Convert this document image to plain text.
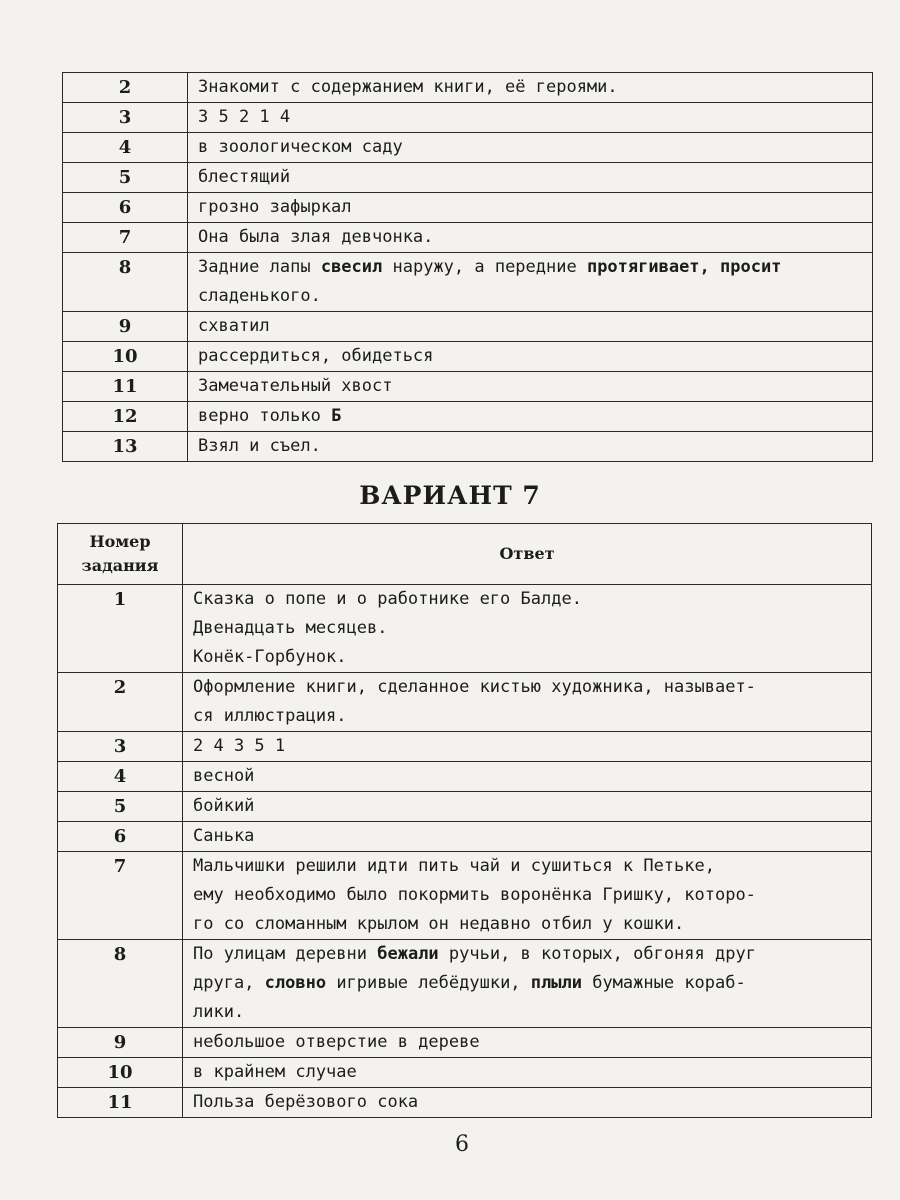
2	Знакомит с содержанием книги, её героями.

3	3 5 2 1 4

4	в зоологическом саду

5	блестящий

6	грозно зафыркал

7	Она была злая девчонка.

8	Задние лапы свесил наружу, а передние протягивает, просит
сладенького.

9	схватил

10	рассердиться, обидеться

11	Замечательный хвост

12	верно только Б

13	Взял и съел.
ВАРИАНТ 7
Номер
задания	Ответ
1	Сказка о попе и о работнике его Балде.
Двенадцать месяцев.
Конёк-Горбунок.

2	Оформление книги, сделанное кистью художника, называет-
ся иллюстрация.

3	2 4 3 5 1

4	весной

5	бойкий

6	Санька

7	Мальчишки решили идти пить чай и сушиться к Петьке,
ему необходимо было покормить воронёнка Гришку, которо-
го со сломанным крылом он недавно отбил у кошки.

8	По улицам деревни бежали ручьи, в которых, обгоняя друг
друга, словно игривые лебёдушки, плыли бумажные кораб-
лики.

9	небольшое отверстие в дереве

10	в крайнем случае

11	Польза берёзового сока
6
